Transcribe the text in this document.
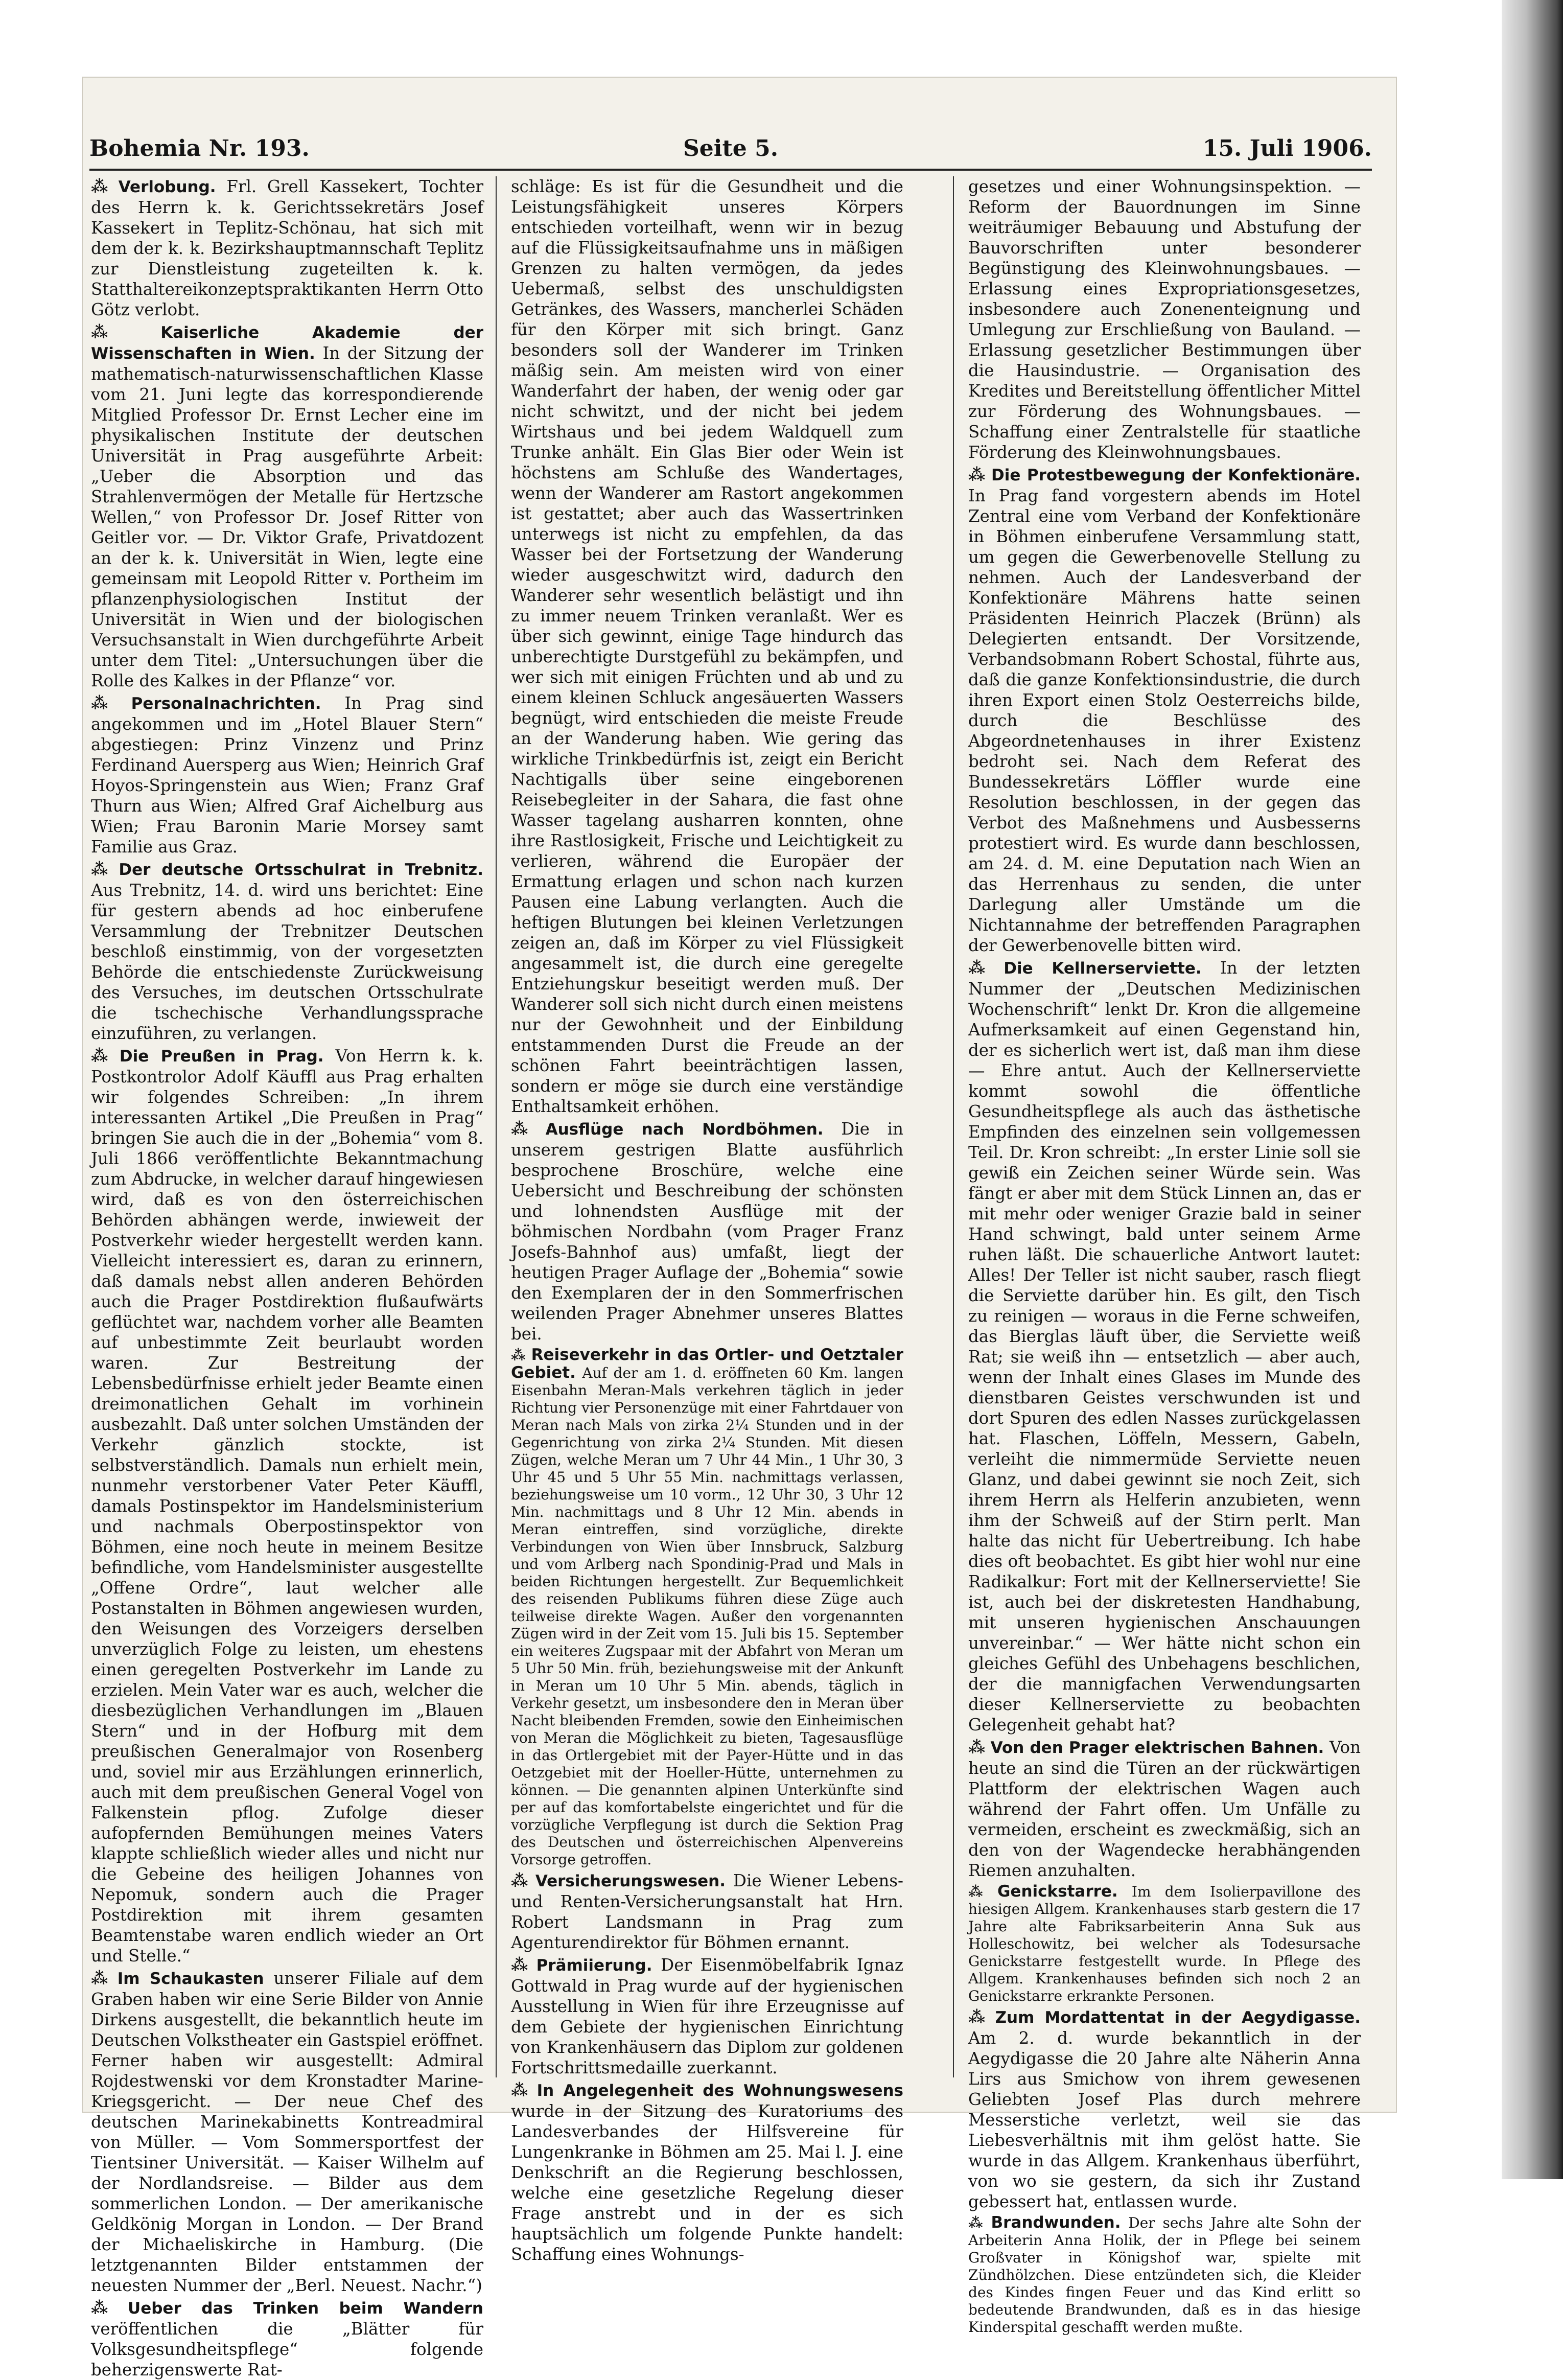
Bohemia Nr. 193.	Seite 5.	15. Juli 1906.

⁂ Verlobung. Frl. Grell Kassekert, Tochter des Herrn k. k. Gerichtssekretärs Josef Kassekert in Teplitz-Schönau, hat sich mit dem der k. k. Bezirkshauptmannschaft Teplitz zur Dienstleistung zugeteilten k. k. Statthaltereikonzeptspraktikanten Herrn Otto Götz verlobt.

⁂ Kaiserliche Akademie der Wissenschaften in Wien. In der Sitzung der mathematisch-naturwissenschaftlichen Klasse vom 21. Juni legte das korrespondierende Mitglied Professor Dr. Ernst Lecher eine im physikalischen Institute der deutschen Universität in Prag ausgeführte Arbeit: „Ueber die Absorption und das Strahlenvermögen der Metalle für Hertzsche Wellen,“ von Professor Dr. Josef Ritter von Geitler vor. — Dr. Viktor Grafe, Privatdozent an der k. k. Universität in Wien, legte eine gemeinsam mit Leopold Ritter v. Portheim im pflanzenphysiologischen Institut der Universität in Wien und der biologischen Versuchsanstalt in Wien durchgeführte Arbeit unter dem Titel: „Untersuchungen über die Rolle des Kalkes in der Pflanze“ vor.

⁂ Personalnachrichten. In Prag sind angekommen und im „Hotel Blauer Stern“ abgestiegen: Prinz Vinzenz und Prinz Ferdinand Auersperg aus Wien; Heinrich Graf Hoyos-Springenstein aus Wien; Franz Graf Thurn aus Wien; Alfred Graf Aichelburg aus Wien; Frau Baronin Marie Morsey samt Familie aus Graz.

⁂ Der deutsche Ortsschulrat in Trebnitz. Aus Trebnitz, 14. d. wird uns berichtet: Eine für gestern abends ad hoc einberufene Versammlung der Trebnitzer Deutschen beschloß einstimmig, von der vorgesetzten Behörde die entschiedenste Zurückweisung des Versuches, im deutschen Ortsschulrate die tschechische Verhandlungssprache einzuführen, zu verlangen.

⁂ Die Preußen in Prag. Von Herrn k. k. Postkontrolor Adolf Käuffl aus Prag erhalten wir folgendes Schreiben: „In ihrem interessanten Artikel „Die Preußen in Prag“ bringen Sie auch die in der „Bohemia“ vom 8. Juli 1866 veröffentlichte Bekanntmachung zum Abdrucke, in welcher darauf hingewiesen wird, daß es von den österreichischen Behörden abhängen werde, inwieweit der Postverkehr wieder hergestellt werden kann. Vielleicht interessiert es, daran zu erinnern, daß damals nebst allen anderen Behörden auch die Prager Postdirektion flußaufwärts geflüchtet war, nachdem vorher alle Beamten auf unbestimmte Zeit beurlaubt worden waren. Zur Bestreitung der Lebensbedürfnisse erhielt jeder Beamte einen dreimonatlichen Gehalt im vorhinein ausbezahlt. Daß unter solchen Umständen der Verkehr gänzlich stockte, ist selbstverständlich. Damals nun erhielt mein, nunmehr verstorbener Vater Peter Käuffl, damals Postinspektor im Handelsministerium und nachmals Oberpostinspektor von Böhmen, eine noch heute in meinem Besitze befindliche, vom Handelsminister ausgestellte „Offene Ordre“, laut welcher alle Postanstalten in Böhmen angewiesen wurden, den Weisungen des Vorzeigers derselben unverzüglich Folge zu leisten, um ehestens einen geregelten Postverkehr im Lande zu erzielen. Mein Vater war es auch, welcher die diesbezüglichen Verhandlungen im „Blauen Stern“ und in der Hofburg mit dem preußischen Generalmajor von Rosenberg und, soviel mir aus Erzählungen erinnerlich, auch mit dem preußischen General Vogel von Falkenstein pflog. Zufolge dieser aufopfernden Bemühungen meines Vaters klappte schließlich wieder alles und nicht nur die Gebeine des heiligen Johannes von Nepomuk, sondern auch die Prager Postdirektion mit ihrem gesamten Beamtenstabe waren endlich wieder an Ort und Stelle.“

⁂ Im Schaukasten unserer Filiale auf dem Graben haben wir eine Serie Bilder von Annie Dirkens ausgestellt, die bekanntlich heute im Deutschen Volkstheater ein Gastspiel eröffnet. Ferner haben wir ausgestellt: Admiral Rojdestwenski vor dem Kronstadter Marine-Kriegsgericht. — Der neue Chef des deutschen Marinekabinetts Kontreadmiral von Müller. — Vom Sommersportfest der Tientsiner Universität. — Kaiser Wilhelm auf der Nordlandsreise. — Bilder aus dem sommerlichen London. — Der amerikanische Geldkönig Morgan in London. — Der Brand der Michaeliskirche in Hamburg. (Die letztgenannten Bilder entstammen der neuesten Nummer der „Berl. Neuest. Nachr.“)

⁂ Ueber das Trinken beim Wandern veröffentlichen die „Blätter für Volksgesundheitspflege“ folgende beherzigenswerte Rat-

schläge: Es ist für die Gesundheit und die Leistungsfähigkeit unseres Körpers entschieden vorteilhaft, wenn wir in bezug auf die Flüssigkeitsaufnahme uns in mäßigen Grenzen zu halten vermögen, da jedes Uebermaß, selbst des unschuldigsten Getränkes, des Wassers, mancherlei Schäden für den Körper mit sich bringt. Ganz besonders soll der Wanderer im Trinken mäßig sein. Am meisten wird von einer Wanderfahrt der haben, der wenig oder gar nicht schwitzt, und der nicht bei jedem Wirtshaus und bei jedem Waldquell zum Trunke anhält. Ein Glas Bier oder Wein ist höchstens am Schluße des Wandertages, wenn der Wanderer am Rastort angekommen ist gestattet; aber auch das Wassertrinken unterwegs ist nicht zu empfehlen, da das Wasser bei der Fortsetzung der Wanderung wieder ausgeschwitzt wird, dadurch den Wanderer sehr wesentlich belästigt und ihn zu immer neuem Trinken veranlaßt. Wer es über sich gewinnt, einige Tage hindurch das unberechtigte Durstgefühl zu bekämpfen, und wer sich mit einigen Früchten und ab und zu einem kleinen Schluck angesäuerten Wassers begnügt, wird entschieden die meiste Freude an der Wanderung haben. Wie gering das wirkliche Trinkbedürfnis ist, zeigt ein Bericht Nachtigalls über seine eingeborenen Reisebegleiter in der Sahara, die fast ohne Wasser tagelang ausharren konnten, ohne ihre Rastlosigkeit, Frische und Leichtigkeit zu verlieren, während die Europäer der Ermattung erlagen und schon nach kurzen Pausen eine Labung verlangten. Auch die heftigen Blutungen bei kleinen Verletzungen zeigen an, daß im Körper zu viel Flüssigkeit angesammelt ist, die durch eine geregelte Entziehungskur beseitigt werden muß. Der Wanderer soll sich nicht durch einen meistens nur der Gewohnheit und der Einbildung entstammenden Durst die Freude an der schönen Fahrt beeinträchtigen lassen, sondern er möge sie durch eine verständige Enthaltsamkeit erhöhen.

⁂ Ausflüge nach Nordböhmen. Die in unserem gestrigen Blatte ausführlich besprochene Broschüre, welche eine Uebersicht und Beschreibung der schönsten und lohnendsten Ausflüge mit der böhmischen Nordbahn (vom Prager Franz Josefs-Bahnhof aus) umfaßt, liegt der heutigen Prager Auflage der „Bohemia“ sowie den Exemplaren der in den Sommerfrischen weilenden Prager Abnehmer unseres Blattes bei.

⁂ Reiseverkehr in das Ortler- und Oetztaler Gebiet. Auf der am 1. d. eröffneten 60 Km. langen Eisenbahn Meran-Mals verkehren täglich in jeder Richtung vier Personenzüge mit einer Fahrtdauer von Meran nach Mals von zirka 2¼ Stunden und in der Gegenrichtung von zirka 2¼ Stunden. Mit diesen Zügen, welche Meran um 7 Uhr 44 Min., 1 Uhr 30, 3 Uhr 45 und 5 Uhr 55 Min. nachmittags verlassen, beziehungsweise um 10 vorm., 12 Uhr 30, 3 Uhr 12 Min. nachmittags und 8 Uhr 12 Min. abends in Meran eintreffen, sind vorzügliche, direkte Verbindungen von Wien über Innsbruck, Salzburg und vom Arlberg nach Spondinig-Prad und Mals in beiden Richtungen hergestellt. Zur Bequemlichkeit des reisenden Publikums führen diese Züge auch teilweise direkte Wagen. Außer den vorgenannten Zügen wird in der Zeit vom 15. Juli bis 15. September ein weiteres Zugspaar mit der Abfahrt von Meran um 5 Uhr 50 Min. früh, beziehungsweise mit der Ankunft in Meran um 10 Uhr 5 Min. abends, täglich in Verkehr gesetzt, um insbesondere den in Meran über Nacht bleibenden Fremden, sowie den Einheimischen von Meran die Möglichkeit zu bieten, Tagesausflüge in das Ortlergebiet mit der Payer-Hütte und in das Oetzgebiet mit der Hoeller-Hütte, unternehmen zu können. — Die genannten alpinen Unterkünfte sind per auf das komfortabelste eingerichtet und für die vorzügliche Verpflegung ist durch die Sektion Prag des Deutschen und österreichischen Alpenvereins Vorsorge getroffen.

⁂ Versicherungswesen. Die Wiener Lebens- und Renten-Versicherungsanstalt hat Hrn. Robert Landsmann in Prag zum Agenturendirektor für Böhmen ernannt.

⁂ Prämiierung. Der Eisenmöbelfabrik Ignaz Gottwald in Prag wurde auf der hygienischen Ausstellung in Wien für ihre Erzeugnisse auf dem Gebiete der hygienischen Einrichtung von Krankenhäusern das Diplom zur goldenen Fortschrittsmedaille zuerkannt.

⁂ In Angelegenheit des Wohnungswesens wurde in der Sitzung des Kuratoriums des Landesverbandes der Hilfsvereine für Lungenkranke in Böhmen am 25. Mai l. J. eine Denkschrift an die Regierung beschlossen, welche eine gesetzliche Regelung dieser Frage anstrebt und in der es sich hauptsächlich um folgende Punkte handelt: Schaffung eines Wohnungs-

gesetzes und einer Wohnungsinspektion. — Reform der Bauordnungen im Sinne weiträumiger Bebauung und Abstufung der Bauvorschriften unter besonderer Begünstigung des Kleinwohnungsbaues. — Erlassung eines Expropriationsgesetzes, insbesondere auch Zonenenteignung und Umlegung zur Erschließung von Bauland. — Erlassung gesetzlicher Bestimmungen über die Hausindustrie. — Organisation des Kredites und Bereitstellung öffentlicher Mittel zur Förderung des Wohnungsbaues. — Schaffung einer Zentralstelle für staatliche Förderung des Kleinwohnungsbaues.

⁂ Die Protestbewegung der Konfektionäre. In Prag fand vorgestern abends im Hotel Zentral eine vom Verband der Konfektionäre in Böhmen einberufene Versammlung statt, um gegen die Gewerbenovelle Stellung zu nehmen. Auch der Landesverband der Konfektionäre Mährens hatte seinen Präsidenten Heinrich Placzek (Brünn) als Delegierten entsandt. Der Vorsitzende, Verbandsobmann Robert Schostal, führte aus, daß die ganze Konfektionsindustrie, die durch ihren Export einen Stolz Oesterreichs bilde, durch die Beschlüsse des Abgeordnetenhauses in ihrer Existenz bedroht sei. Nach dem Referat des Bundessekretärs Löffler wurde eine Resolution beschlossen, in der gegen das Verbot des Maßnehmens und Ausbesserns protestiert wird. Es wurde dann beschlossen, am 24. d. M. eine Deputation nach Wien an das Herrenhaus zu senden, die unter Darlegung aller Umstände um die Nichtannahme der betreffenden Paragraphen der Gewerbenovelle bitten wird.

⁂ Die Kellnerserviette. In der letzten Nummer der „Deutschen Medizinischen Wochenschrift“ lenkt Dr. Kron die allgemeine Aufmerksamkeit auf einen Gegenstand hin, der es sicherlich wert ist, daß man ihm diese — Ehre antut. Auch der Kellnerserviette kommt sowohl die öffentliche Gesundheitspflege als auch das ästhetische Empfinden des einzelnen sein vollgemessen Teil. Dr. Kron schreibt: „In erster Linie soll sie gewiß ein Zeichen seiner Würde sein. Was fängt er aber mit dem Stück Linnen an, das er mit mehr oder weniger Grazie bald in seiner Hand schwingt, bald unter seinem Arme ruhen läßt. Die schauerliche Antwort lautet: Alles! Der Teller ist nicht sauber, rasch fliegt die Serviette darüber hin. Es gilt, den Tisch zu reinigen — woraus in die Ferne schweifen, das Bierglas läuft über, die Serviette weiß Rat; sie weiß ihn — entsetzlich — aber auch, wenn der Inhalt eines Glases im Munde des dienstbaren Geistes verschwunden ist und dort Spuren des edlen Nasses zurückgelassen hat. Flaschen, Löffeln, Messern, Gabeln, verleiht die nimmermüde Serviette neuen Glanz, und dabei gewinnt sie noch Zeit, sich ihrem Herrn als Helferin anzubieten, wenn ihm der Schweiß auf der Stirn perlt. Man halte das nicht für Uebertreibung. Ich habe dies oft beobachtet. Es gibt hier wohl nur eine Radikalkur: Fort mit der Kellnerserviette! Sie ist, auch bei der diskretesten Handhabung, mit unseren hygienischen Anschauungen unvereinbar.“ — Wer hätte nicht schon ein gleiches Gefühl des Unbehagens beschlichen, der die mannigfachen Verwendungsarten dieser Kellnerserviette zu beobachten Gelegenheit gehabt hat?

⁂ Von den Prager elektrischen Bahnen. Von heute an sind die Türen an der rückwärtigen Plattform der elektrischen Wagen auch während der Fahrt offen. Um Unfälle zu vermeiden, erscheint es zweckmäßig, sich an den von der Wagendecke herabhängenden Riemen anzuhalten.

⁂ Genickstarre. Im dem Isolierpavillone des hiesigen Allgem. Krankenhauses starb gestern die 17 Jahre alte Fabriksarbeiterin Anna Suk aus Holleschowitz, bei welcher als Todesursache Genickstarre festgestellt wurde. In Pflege des Allgem. Krankenhauses befinden sich noch 2 an Genickstarre erkrankte Personen.

⁂ Zum Mordattentat in der Aegydigasse. Am 2. d. wurde bekanntlich in der Aegydigasse die 20 Jahre alte Näherin Anna Lirs aus Smichow von ihrem gewesenen Geliebten Josef Plas durch mehrere Messerstiche verletzt, weil sie das Liebesverhältnis mit ihm gelöst hatte. Sie wurde in das Allgem. Krankenhaus überführt, von wo sie gestern, da sich ihr Zustand gebessert hat, entlassen wurde.

⁂ Brandwunden. Der sechs Jahre alte Sohn der Arbeiterin Anna Holik, der in Pflege bei seinem Großvater in Königshof war, spielte mit Zündhölzchen. Diese entzündeten sich, die Kleider des Kindes fingen Feuer und das Kind erlitt so bedeutende Brandwunden, daß es in das hiesige Kinderspital geschafft werden mußte.
